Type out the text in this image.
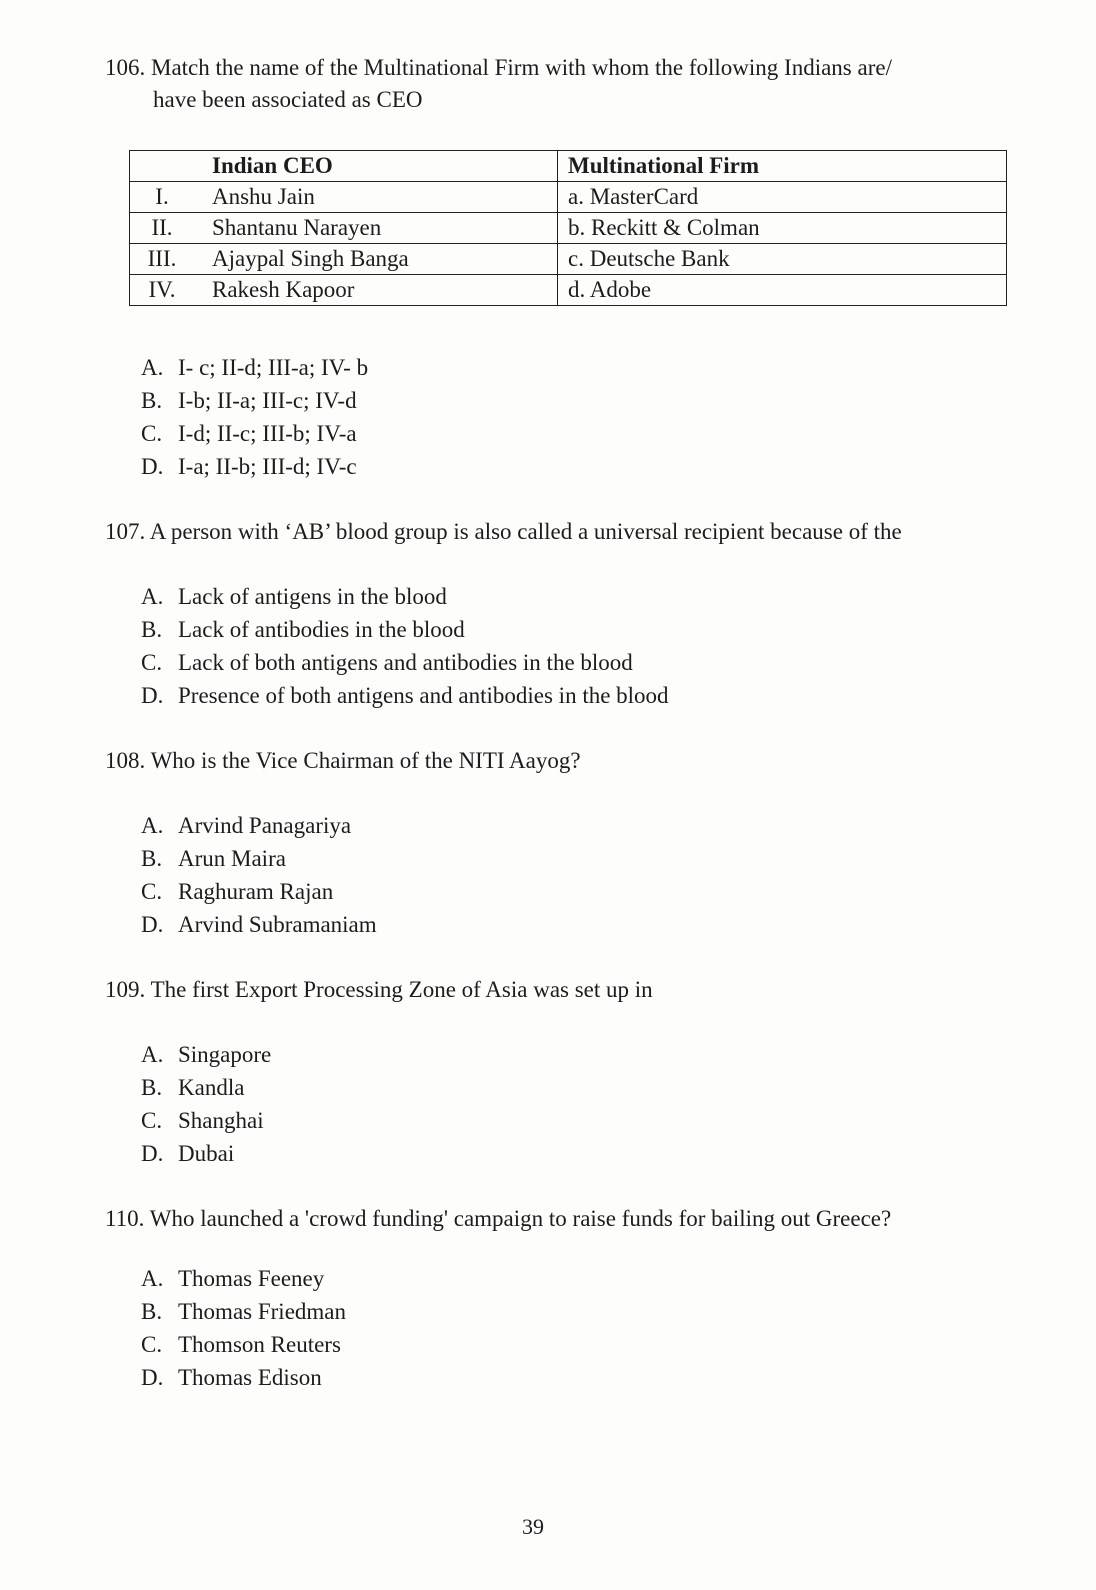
106. Match the name of the Multinational Firm with whom the following Indians are/
have been associated as CEO
	Indian CEO	Multinational Firm
I.	Anshu Jain	a. MasterCard
II.	Shantanu Narayen	b. Reckitt & Colman
III.	Ajaypal Singh Banga	c. Deutsche Bank
IV.	Rakesh Kapoor	d. Adobe
A. I- c; II-d; III-a; IV- b
B. I-b; II-a; III-c; IV-d
C. I-d; II-c; III-b; IV-a
D. I-a; II-b; III-d; IV-c
107. A person with ‘AB’ blood group is also called a universal recipient because of the
A. Lack of antigens in the blood
B. Lack of antibodies in the blood
C. Lack of both antigens and antibodies in the blood
D. Presence of both antigens and antibodies in the blood
108. Who is the Vice Chairman of the NITI Aayog?
A. Arvind Panagariya
B. Arun Maira
C. Raghuram Rajan
D. Arvind Subramaniam
109. The first Export Processing Zone of Asia was set up in
A. Singapore
B. Kandla
C. Shanghai
D. Dubai
110. Who launched a 'crowd funding' campaign to raise funds for bailing out Greece?
A. Thomas Feeney
B. Thomas Friedman
C. Thomson Reuters
D. Thomas Edison
39
